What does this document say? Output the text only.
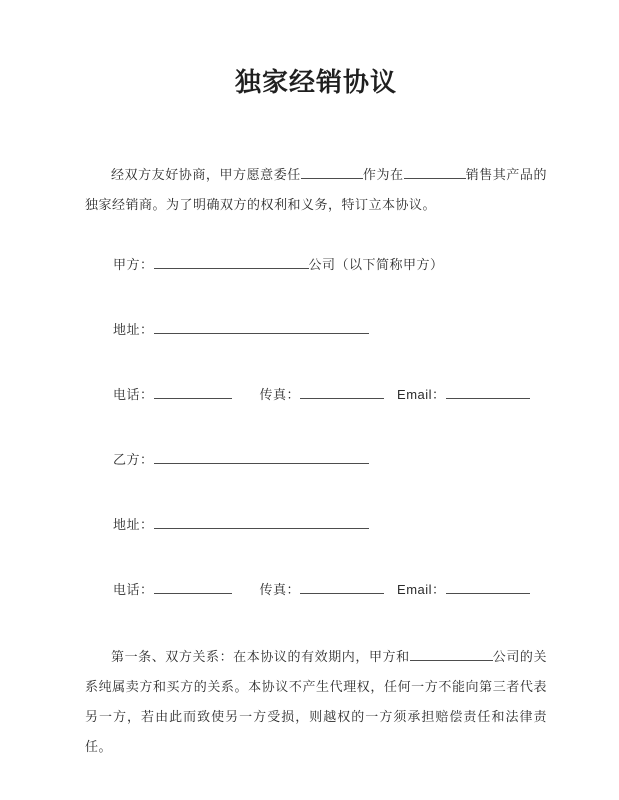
独家经销协议

经双方友好协商，甲方愿意委任	作为在	销售其产品的独家经销商。为了明确双方的权利和义务，特订立本协议。

甲方：	公司（以下简称甲方）
地址：
电话：	传真：	Email：
乙方：
地址：
电话：	传真：	Email：

第一条、双方关系：在本协议的有效期内，甲方和	公司的关系纯属卖方和买方的关系。本协议不产生代理权，任何一方不能向第三者代表另一方，若由此而致使另一方受损，则越权的一方须承担赔偿责任和法律责任。
